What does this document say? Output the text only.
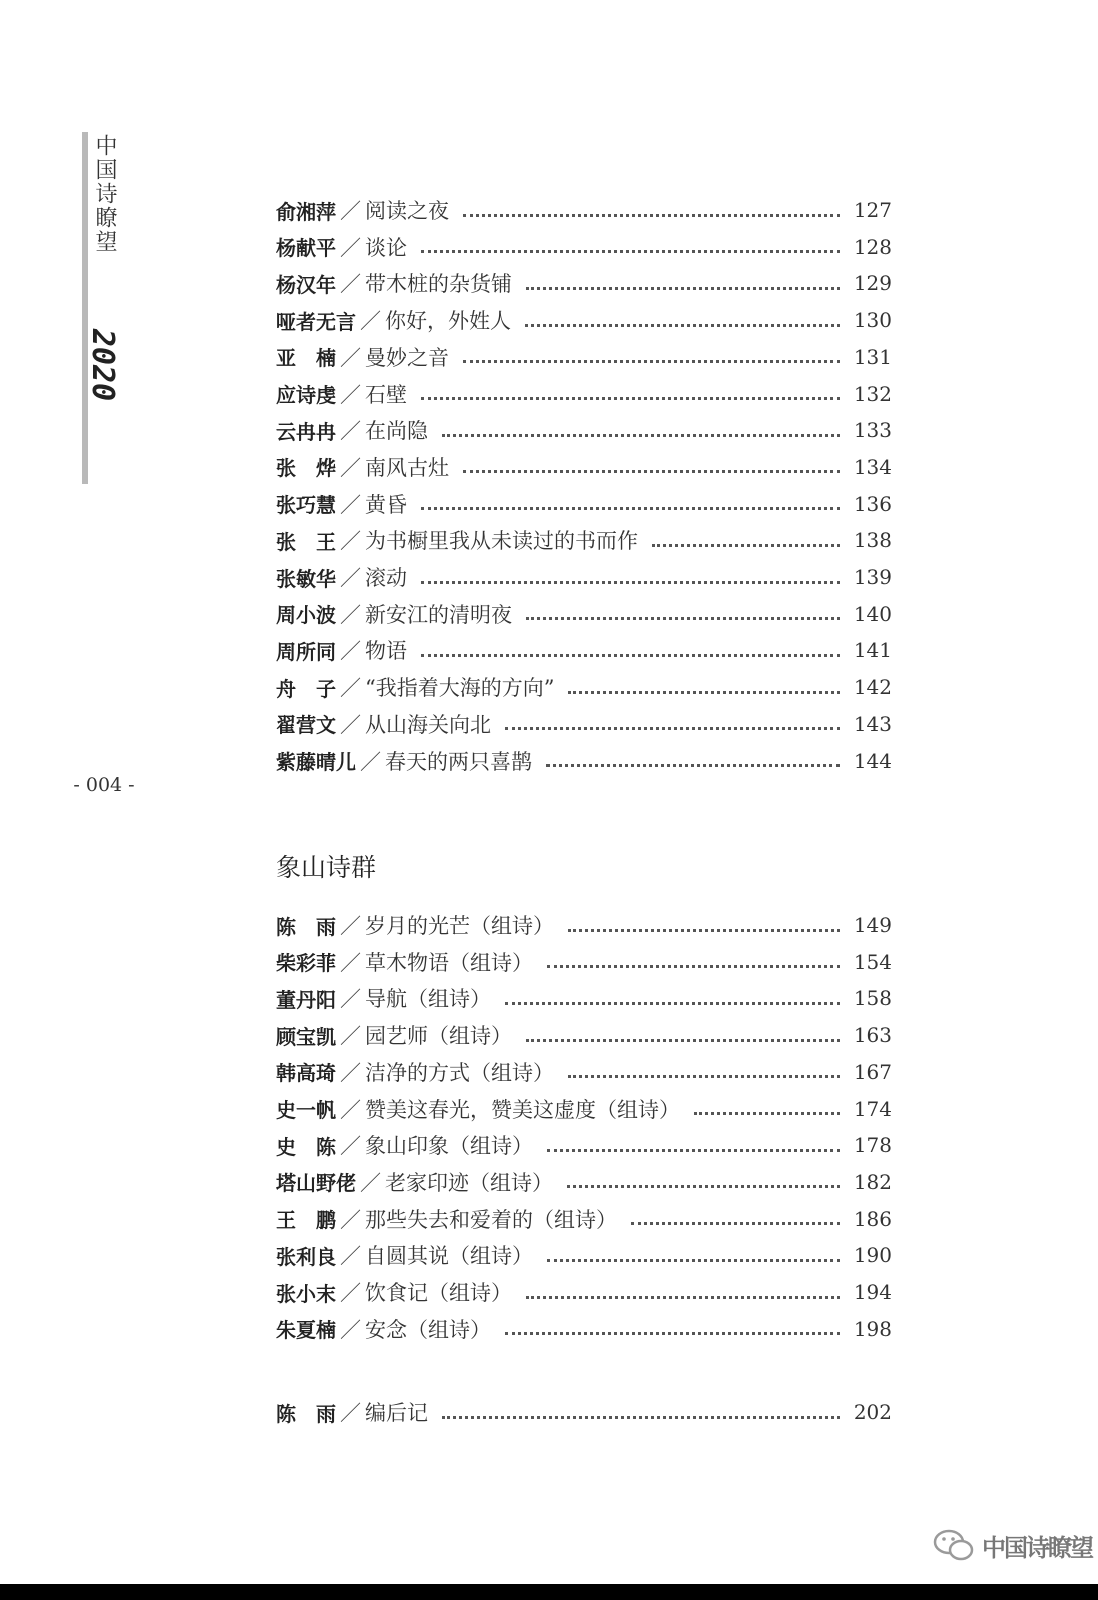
中国诗瞭望
2020
- 004 -
俞湘萍 ／ 阅读之夜	127
杨献平 ／ 谈论	128
杨汉年 ／ 带木桩的杂货铺	129
哑者无言 ／ 你好，外姓人	130
亚　楠 ／ 曼妙之音	131
应诗虔 ／ 石壁	132
云冉冉 ／ 在尚隐	133
张　烨 ／ 南风古灶	134
张巧慧 ／ 黄昏	136
张　王 ／ 为书橱里我从未读过的书而作	138
张敏华 ／ 滚动	139
周小波 ／ 新安江的清明夜	140
周所同 ／ 物语	141
舟　子 ／ “我指着大海的方向”	142
翟营文 ／ 从山海关向北	143
紫藤晴儿 ／ 春天的两只喜鹊	144
象山诗群
陈　雨 ／ 岁月的光芒（组诗）	149
柴彩菲 ／ 草木物语（组诗）	154
董丹阳 ／ 导航（组诗）	158
顾宝凯 ／ 园艺师（组诗）	163
韩高琦 ／ 洁净的方式（组诗）	167
史一帆 ／ 赞美这春光，赞美这虚度（组诗）	174
史　陈 ／ 象山印象（组诗）	178
塔山野佬 ／ 老家印迹（组诗）	182
王　鹏 ／ 那些失去和爱着的（组诗）	186
张利良 ／ 自圆其说（组诗）	190
张小末 ／ 饮食记（组诗）	194
朱夏楠 ／ 安念（组诗）	198
陈　雨 ／ 编后记	202
中国诗瞭望
